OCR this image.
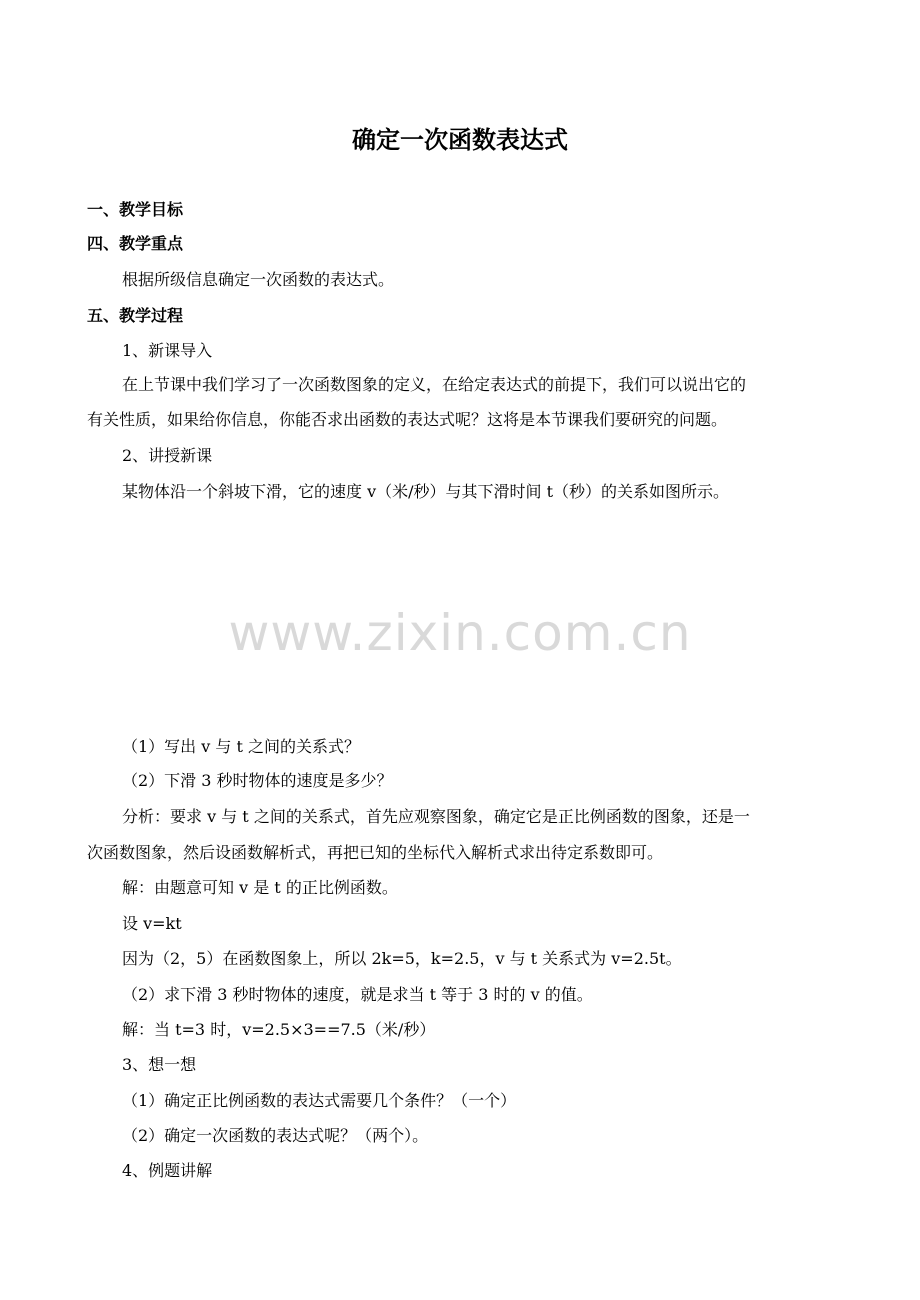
确定一次函数表达式
一、教学目标
四、教学重点
根据所级信息确定一次函数的表达式。
五、教学过程
1、新课导入
在上节课中我们学习了一次函数图象的定义，在给定表达式的前提下，我们可以说出它的
有关性质，如果给你信息，你能否求出函数的表达式呢？这将是本节课我们要研究的问题。
2、讲授新课
某物体沿一个斜坡下滑，它的速度 v（米/秒）与其下滑时间 t（秒）的关系如图所示。
www.zixin.com.cn
（1）写出 v 与 t 之间的关系式？
（2）下滑 3 秒时物体的速度是多少？
分析：要求 v 与 t 之间的关系式，首先应观察图象，确定它是正比例函数的图象，还是一
次函数图象，然后设函数解析式，再把已知的坐标代入解析式求出待定系数即可。
解：由题意可知 v 是 t 的正比例函数。
设 v=kt
因为（2，5）在函数图象上，所以 2k=5，k=2.5，v 与 t 关系式为 v=2.5t。
（2）求下滑 3 秒时物体的速度，就是求当 t 等于 3 时的 v 的值。
解：当 t=3 时，v=2.5×3==7.5（米/秒）
3、想一想
（1）确定正比例函数的表达式需要几个条件？（一个）
（2）确定一次函数的表达式呢？（两个）。
4、例题讲解
